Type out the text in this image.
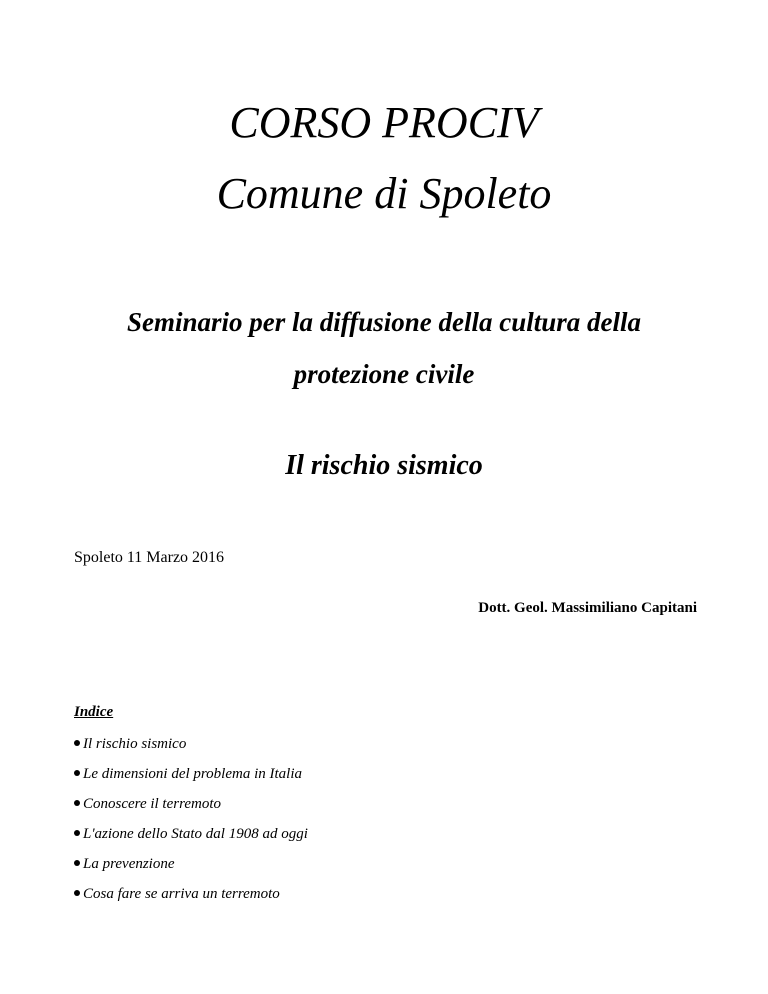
CORSO PROCIV
Comune di Spoleto
Seminario per la diffusione della cultura della
protezione civile
Il rischio sismico

Spoleto 11 Marzo 2016

Dott. Geol. Massimiliano Capitani

Indice

Il rischio sismico
Le dimensioni del problema in Italia
Conoscere il terremoto
L'azione dello Stato dal 1908 ad oggi
La prevenzione
Cosa fare se arriva un terremoto
